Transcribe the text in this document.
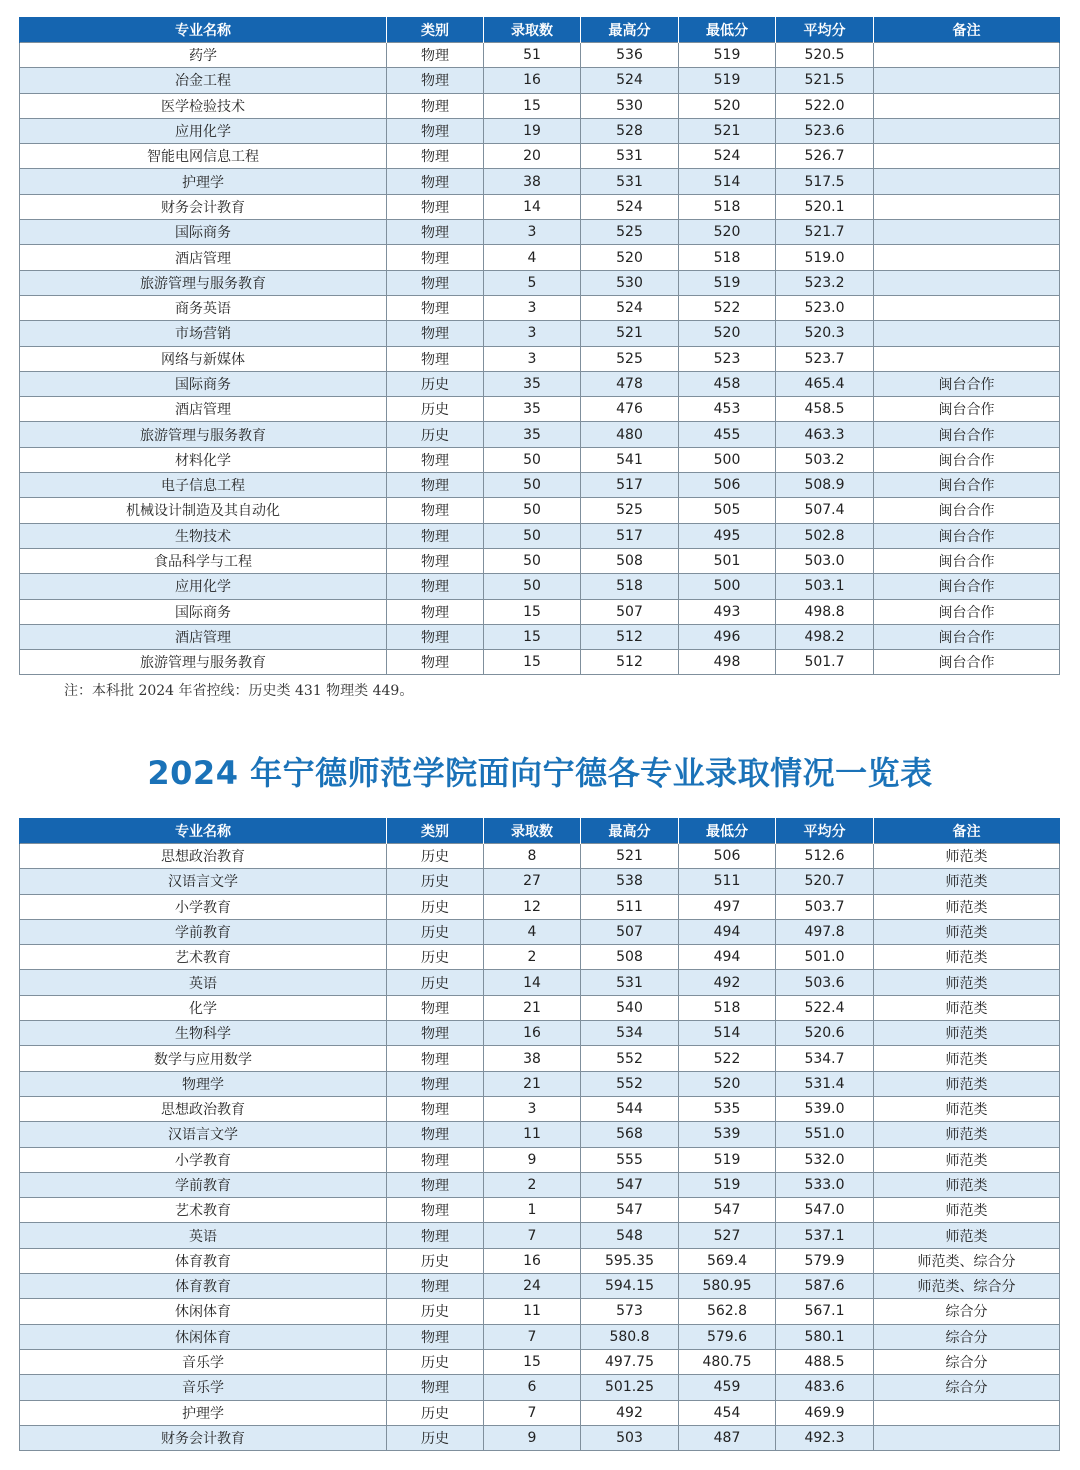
专业名称	类别	录取数	最高分	最低分	平均分	备注
药学	物理	51	536	519	520.5	
冶金工程	物理	16	524	519	521.5	
医学检验技术	物理	15	530	520	522.0	
应用化学	物理	19	528	521	523.6	
智能电网信息工程	物理	20	531	524	526.7	
护理学	物理	38	531	514	517.5	
财务会计教育	物理	14	524	518	520.1	
国际商务	物理	3	525	520	521.7	
酒店管理	物理	4	520	518	519.0	
旅游管理与服务教育	物理	5	530	519	523.2	
商务英语	物理	3	524	522	523.0	
市场营销	物理	3	521	520	520.3	
网络与新媒体	物理	3	525	523	523.7	
国际商务	历史	35	478	458	465.4	闽台合作
酒店管理	历史	35	476	453	458.5	闽台合作
旅游管理与服务教育	历史	35	480	455	463.3	闽台合作
材料化学	物理	50	541	500	503.2	闽台合作
电子信息工程	物理	50	517	506	508.9	闽台合作
机械设计制造及其自动化	物理	50	525	505	507.4	闽台合作
生物技术	物理	50	517	495	502.8	闽台合作
食品科学与工程	物理	50	508	501	503.0	闽台合作
应用化学	物理	50	518	500	503.1	闽台合作
国际商务	物理	15	507	493	498.8	闽台合作
酒店管理	物理	15	512	496	498.2	闽台合作
旅游管理与服务教育	物理	15	512	498	501.7	闽台合作

注：本科批 2024 年省控线：历史类 431 物理类 449。

2024 年宁德师范学院面向宁德各专业录取情况一览表
专业名称	类别	录取数	最高分	最低分	平均分	备注
思想政治教育	历史	8	521	506	512.6	师范类
汉语言文学	历史	27	538	511	520.7	师范类
小学教育	历史	12	511	497	503.7	师范类
学前教育	历史	4	507	494	497.8	师范类
艺术教育	历史	2	508	494	501.0	师范类
英语	历史	14	531	492	503.6	师范类
化学	物理	21	540	518	522.4	师范类
生物科学	物理	16	534	514	520.6	师范类
数学与应用数学	物理	38	552	522	534.7	师范类
物理学	物理	21	552	520	531.4	师范类
思想政治教育	物理	3	544	535	539.0	师范类
汉语言文学	物理	11	568	539	551.0	师范类
小学教育	物理	9	555	519	532.0	师范类
学前教育	物理	2	547	519	533.0	师范类
艺术教育	物理	1	547	547	547.0	师范类
英语	物理	7	548	527	537.1	师范类
体育教育	历史	16	595.35	569.4	579.9	师范类、综合分
体育教育	物理	24	594.15	580.95	587.6	师范类、综合分
休闲体育	历史	11	573	562.8	567.1	综合分
休闲体育	物理	7	580.8	579.6	580.1	综合分
音乐学	历史	15	497.75	480.75	488.5	综合分
音乐学	物理	6	501.25	459	483.6	综合分
护理学	历史	7	492	454	469.9	
财务会计教育	历史	9	503	487	492.3	
